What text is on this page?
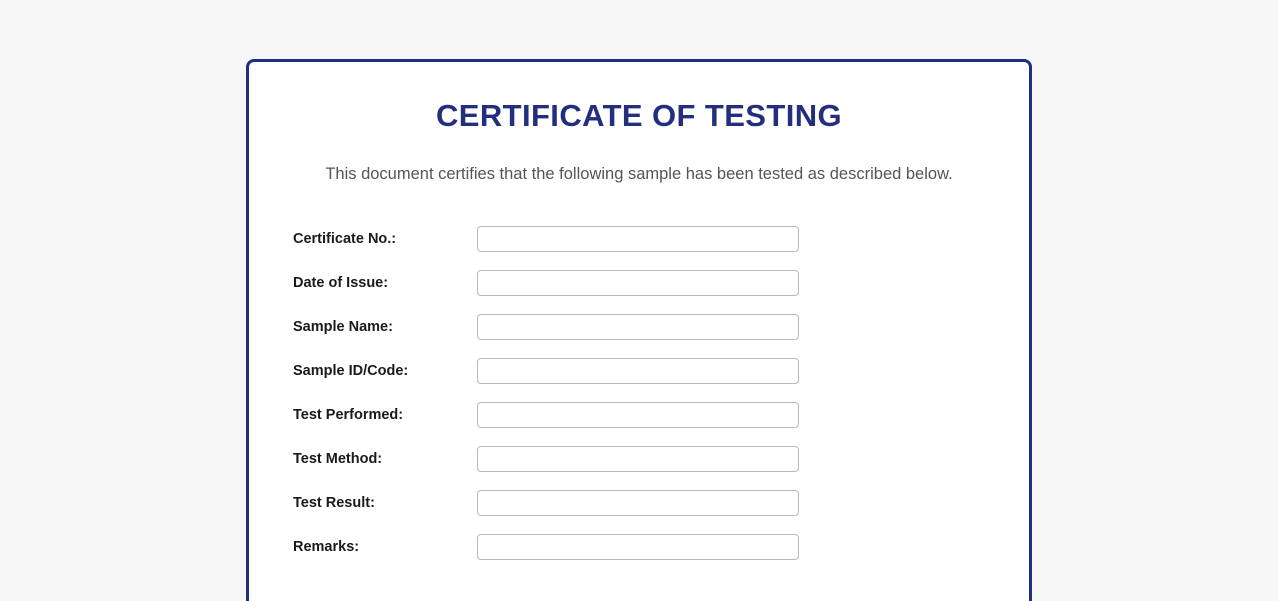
CERTIFICATE OF TESTING
This document certifies that the following sample has been tested as described below.
Certificate No.:
Date of Issue:
Sample Name:
Sample ID/Code:
Test Performed:
Test Method:
Test Result:
Remarks:
